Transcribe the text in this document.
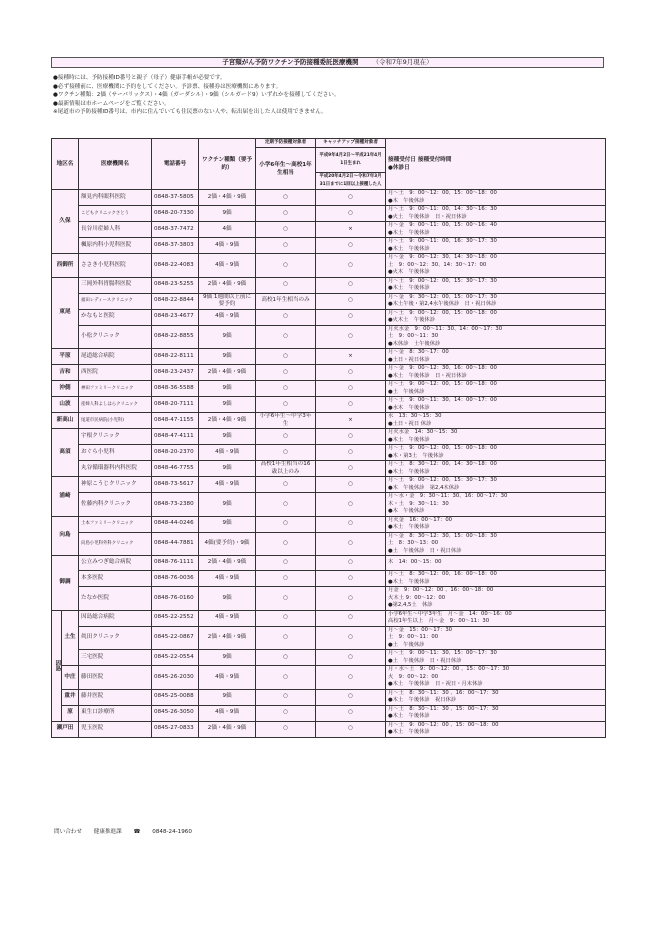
子宮頸がん予防ワクチン予防接種委託医療機関 （令和7年9月現在）
●接種時には、予防接種ID番号と親子（母子）健康手帳が必要です。
●必ず接種前に、医療機関に予約をしてください。予診票、接種券は医療機関にあります。
●ワクチン種類：2価（サーバリックス）・4価（ガーダシル）・9価（シルガード9）いずれかを接種してください。
●最新情報は市ホームページをご覧ください。
※尾道市の予防接種ID番号は、市内に住んでいても住民票のない人や、転出届を出した人は使用できません。
地区名		医療機関名	電話番号	ワクチン種類（要予約）	定期予防接種対象者	キャッチアップ接種対象者	接種受付日 接種受付時間
●休診日

					小学6年生～高校1年生相当	平成9年4月2日～平成21年4月1日生まれ	
						平成20年4月2日～令和7年3月31日までに1回以上接種した人	
久保		額見内科眼科医院	0848-37-5805	2価・4価・9価	○	○	月～土　9：00～12：00、15：00～18：00
●木　午後休診

		こどもクリニックさとう	0848-20-7330	9価	○	○	月～土　9：00～11：00、14：30～16：30
●火土　午後休診　日・祝日休診

		長谷川産婦人科	0848-37-7472	4価	○	×	月～金　9：00～11：00、15：00～16：40
●木土　午後休診

		楓原内科小児科医院	0848-37-3803	4価・9価	○	○	月～土　9：00～11：00、16：30～17：30
●木土　午後休診

西御所		ささき小児科医院	0848-22-4083	4価・9価	○	○	月～金　9：00～12：30、14：30～18：00
土　9：00～12：30、14：30～17：00
●火木　午後休診

東尾		三岡外科胃腸科医院	0848-23-5255	2価・4価・9価	○	○	月～土　9：00～12：00、15：30～17：30
●木土　午後休診

		福田レディースクリニック	0848-22-8844	9価 1週間以上前に要予約	高校1年生相当のみ	○	月～金　9：30～12：00、15：00～17：30
●木土午後・第2,4水午後休診　日・祝日休診

		かなもと医院	0848-23-4677	4価・9価	○	○	月～土　9：00～12：00、15：00～18：00
●火木土　午後休診

		小松クリニック	0848-22-8855	9価	○	○	月火水金　9：00～11：30、14：00～17：30
土　9：00～11：30
●木休診　土午後休診

平原		尾道総合病院	0848-22-8111	9価	○	×	月～金　8：30～17：00
●土日・祝日休診

吉和		西医院	0848-23-2437	2価・4価・9価	○	○	月～金　9：00～12：30、16：00～18：00
●木土　午後休診　日・祝日休診

沖側		神田ファミリークリニック	0848-36-5588	9価	○	○	月～土　9：00～12：00、15：00～18：00
●土　午後休診

山波		産婦人科よしはらクリニック	0848-20-7111	9価	○	○	月～土　9：00～11：30、14：00～17：00
●水木　午後休診

新高山		尾道市民病院(小児科)	0848-47-1155	2価・4価・9価	小学6年生～中学3年生	×	水　13：30～15：30
●土日・祝日 休診

高須		宇根クリニック	0848-47-4111	9価	○	○	月火水金　14：30～15：30
●木土　午後休診

		おぐら小児科	0848-20-2370	4価・9価	○	○	月～土　9：00～12：00、15：00～18：00
●木・第3土　午後休診

		丸谷循環器科内科医院	0848-46-7755	9価	高校1年生相当の16歳以上のみ	○	月～土　8：30～12：00、14：30～18：00
●木土　午後休診

浦崎		神原こうじクリニック	0848-73-5617	4価・9価	○	○	月～土　9：00～12：00、15：30～17：30
●木　午後休診　第2,4木休診

		佐藤内科クリニック	0848-73-2380	9価	○	○	月～水・金　9：30～11：30、16：00～17：30
木・土　9：30～11：30
●木　午後休診

向島		土本ファミリークリニック	0848-44-0246	9価	○	○	月火金　16：00～17：00
●木土　午後休診

		向島小児科外科クリニック	0848-44-7881	4価(要予約)・9価	○	○	月～金　8：30～12：30、15：00～18：30
土　8：30～13：00
●土　午後休診　日・祝日休診

御調		公立みつぎ総合病院	0848-76-1111	2価・4価・9価	○	○	木　14：00～15：00

		本多医院	0848-76-0036	4価・9価	○	○	月～土　8：30～12：00、16：00～18：00
●木土　午後休診

		たなか医院	0848-76-0160	9価	○	○	月金　9：00～12：00 、16：00～18：00
火木土 9：00～12：00
●第2,4,5土　休診

因島	土生	因島総合病院	0845-22-2552	4価・9価	○	○	小学6年生～中学3年生　月～金　14：00～16：00
高校1年生以上　月～金　9：00～11：30

		眞田クリニック	0845-22-0867	2価・4価・9価	○	○	月～金　15：00～17：30
土　9：00～11：00
●土　午後休診

		三宅医院	0845-22-0554	9価	○	○	月～土　9：00～11：30、15：00～17：30
●土　午後休診　日・祝日休診

	中庄	藤田医院	0845-26-2030	4価・9価	○	○	月・水～土　9：00～12：00 、15：00～17：30
火　9：00～12：00
●木土　午後休診　日・祝日・月末休診

	重井	藤井医院	0845-25-0088	9価	○	○	月～土　8：30～11：30 、16：00～17：30
●木土　午後休診　祝日休診

	原	東生口診療所	0845-26-3050	4価・9価	○	○	月～土　8：30～11：30 、15：00～17：30
●木土　午後休診

瀬戸田		児玉医院	0845-27-0833	2価・4価・9価	○	○	月～土　9：00～12：00 、15：00～18：00
●木土　午後休診
問い合わせ 健康推進課 ☎ 0848-24-1960
